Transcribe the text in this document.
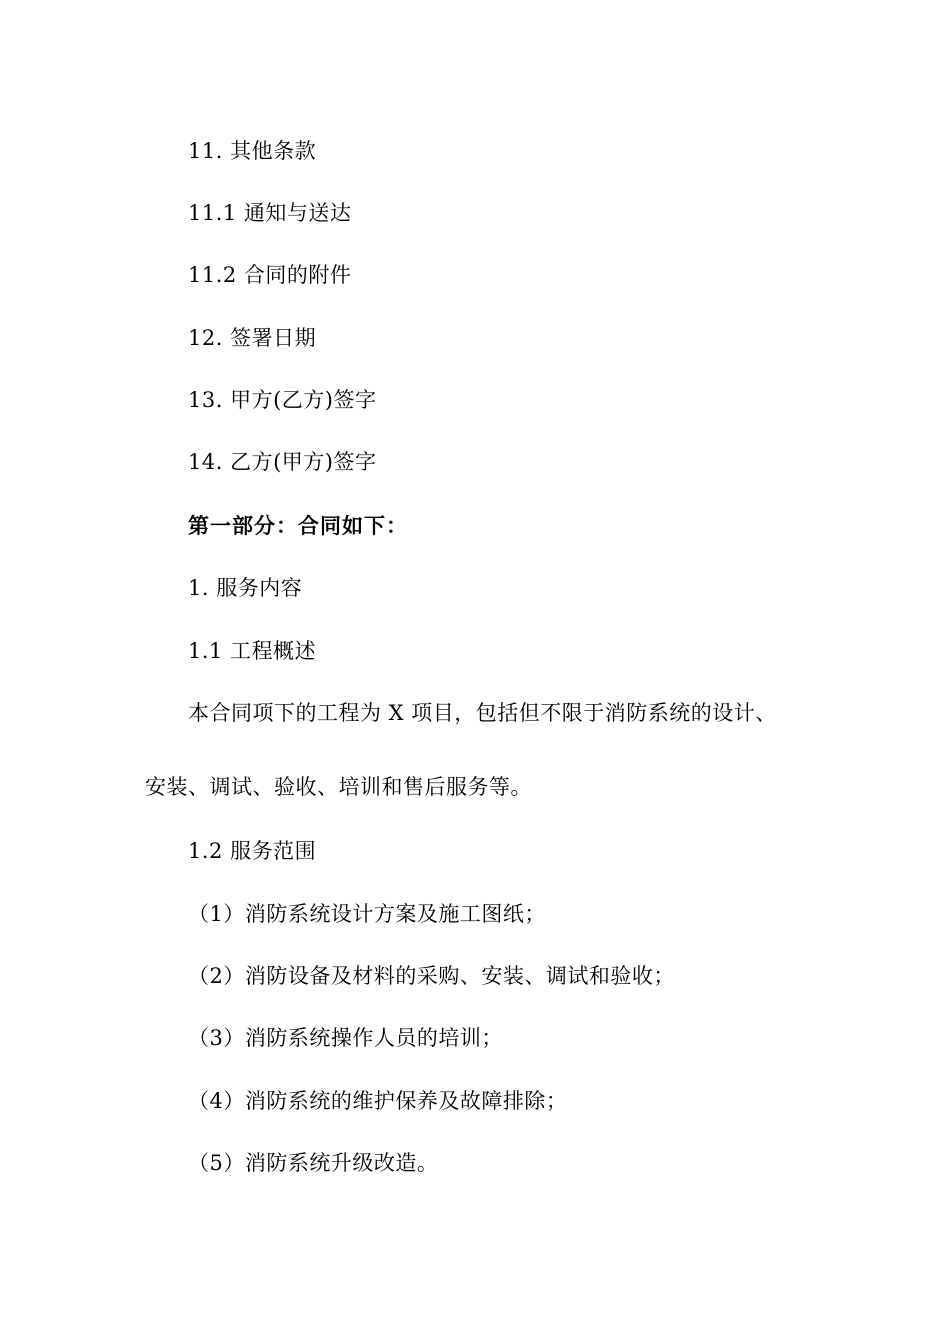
11. 其他条款
11.1 通知与送达
11.2 合同的附件
12. 签署日期
13. 甲方(乙方)签字
14. 乙方(甲方)签字
第一部分：合同如下：
1. 服务内容
1.1 工程概述
本合同项下的工程为 X 项目，包括但不限于消防系统的设计、
安装、调试、验收、培训和售后服务等。
1.2 服务范围
（1）消防系统设计方案及施工图纸；
（2）消防设备及材料的采购、安装、调试和验收；
（3）消防系统操作人员的培训；
（4）消防系统的维护保养及故障排除；
（5）消防系统升级改造。
